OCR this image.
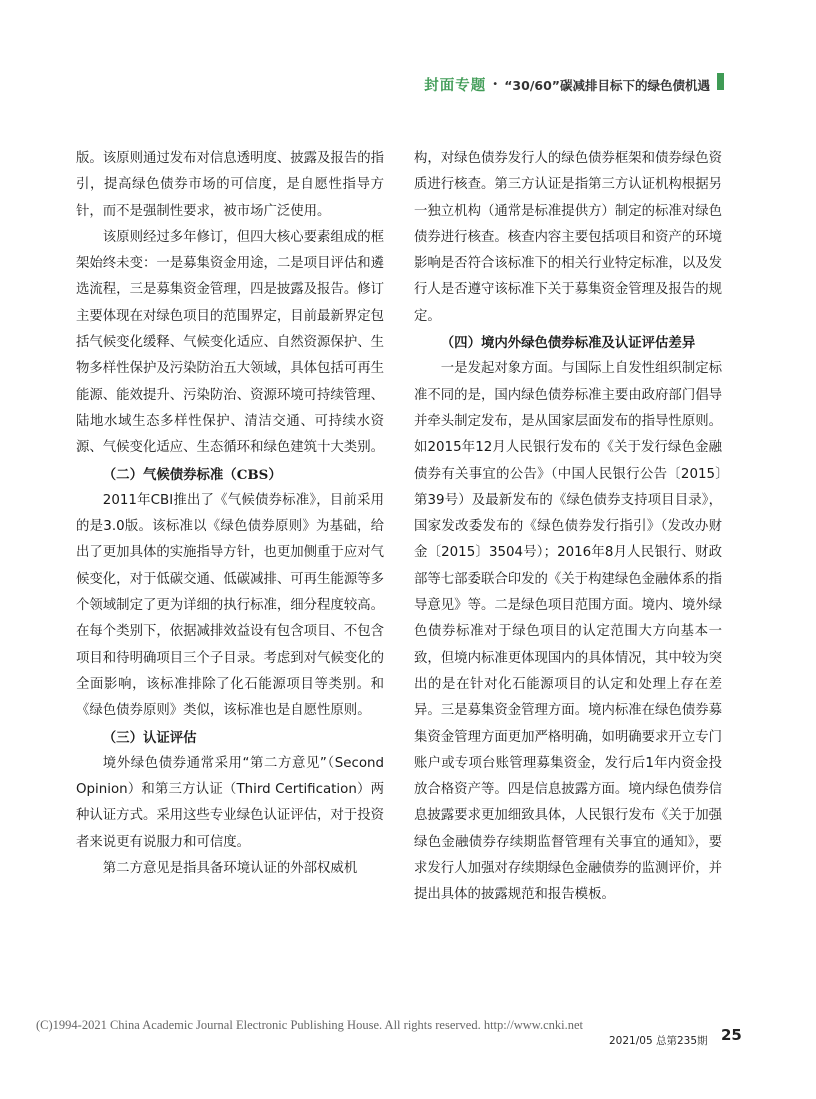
封面专题 • “30/60”碳减排目标下的绿色债机遇

版。该原则通过发布对信息透明度、披露及报告的指引，提高绿色债券市场的可信度，是自愿性指导方针，而不是强制性要求，被市场广泛使用。

该原则经过多年修订，但四大核心要素组成的框架始终未变：一是募集资金用途，二是项目评估和遴选流程，三是募集资金管理，四是披露及报告。修订主要体现在对绿色项目的范围界定，目前最新界定包括气候变化缓释、气候变化适应、自然资源保护、生物多样性保护及污染防治五大领域，具体包括可再生能源、能效提升、污染防治、资源环境可持续管理、陆地水域生态多样性保护、清洁交通、可持续水资源、气候变化适应、生态循环和绿色建筑十大类别。

（二）气候债券标准（CBS）

2011年CBI推出了《气候债券标准》，目前采用的是3.0版。该标准以《绿色债券原则》为基础，给出了更加具体的实施指导方针，也更加侧重于应对气候变化，对于低碳交通、低碳减排、可再生能源等多个领域制定了更为详细的执行标准，细分程度较高。在每个类别下，依据减排效益设有包含项目、不包含项目和待明确项目三个子目录。考虑到对气候变化的全面影响，该标准排除了化石能源项目等类别。和《绿色债券原则》类似，该标准也是自愿性原则。

（三）认证评估

境外绿色债券通常采用“第二方意见”（Second Opinion）和第三方认证（Third Certification）两种认证方式。采用这些专业绿色认证评估，对于投资者来说更有说服力和可信度。

第二方意见是指具备环境认证的外部权威机

构，对绿色债券发行人的绿色债券框架和债券绿色资质进行核查。第三方认证是指第三方认证机构根据另一独立机构（通常是标准提供方）制定的标准对绿色债券进行核查。核查内容主要包括项目和资产的环境影响是否符合该标准下的相关行业特定标准，以及发行人是否遵守该标准下关于募集资金管理及报告的规定。

（四）境内外绿色债券标准及认证评估差异

一是发起对象方面。与国际上自发性组织制定标准不同的是，国内绿色债券标准主要由政府部门倡导并牵头制定发布，是从国家层面发布的指导性原则。如2015年12月人民银行发布的《关于发行绿色金融债券有关事宜的公告》（中国人民银行公告〔2015〕第39号）及最新发布的《绿色债券支持项目目录》，国家发改委发布的《绿色债券发行指引》（发改办财金〔2015〕3504号）；2016年8月人民银行、财政部等七部委联合印发的《关于构建绿色金融体系的指导意见》等。二是绿色项目范围方面。境内、境外绿色债券标准对于绿色项目的认定范围大方向基本一致，但境内标准更体现国内的具体情况，其中较为突出的是在针对化石能源项目的认定和处理上存在差异。三是募集资金管理方面。境内标准在绿色债券募集资金管理方面更加严格明确，如明确要求开立专门账户或专项台账管理募集资金，发行后1年内资金投放合格资产等。四是信息披露方面。境内绿色债券信息披露要求更加细致具体，人民银行发布《关于加强绿色金融债券存续期监督管理有关事宜的通知》，要求发行人加强对存续期绿色金融债券的监测评价，并提出具体的披露规范和报告模板。

(C)1994-2021 China Academic Journal Electronic Publishing House. All rights reserved. http://www.cnki.net
2021/05 总第235期 25
